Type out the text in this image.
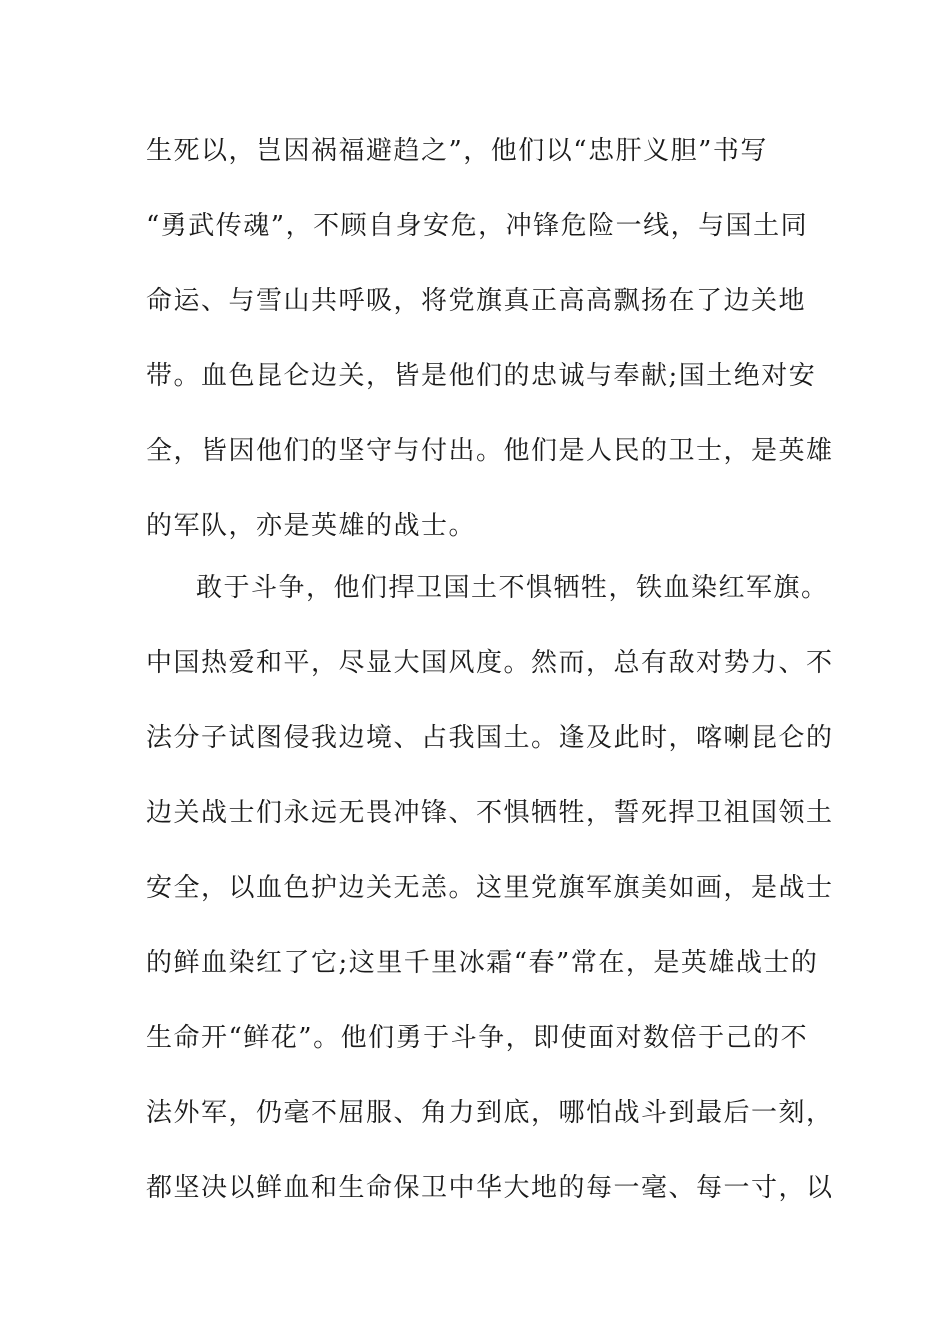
生死以，岂因祸福避趋之”，他们以“忠肝义胆”书写
“勇武传魂”，不顾自身安危，冲锋危险一线，与国土同
命运、与雪山共呼吸，将党旗真正高高飘扬在了边关地
带。血色昆仑边关，皆是他们的忠诚与奉献;国土绝对安
全，皆因他们的坚守与付出。他们是人民的卫士，是英雄
的军队，亦是英雄的战士。
敢于斗争，他们捍卫国土不惧牺牲，铁血染红军旗。
中国热爱和平，尽显大国风度。然而，总有敌对势力、不
法分子试图侵我边境、占我国土。逢及此时，喀喇昆仑的
边关战士们永远无畏冲锋、不惧牺牲，誓死捍卫祖国领土
安全，以血色护边关无恙。这里党旗军旗美如画，是战士
的鲜血染红了它;这里千里冰霜“春”常在，是英雄战士的
生命开“鲜花”。他们勇于斗争，即使面对数倍于己的不
法外军，仍毫不屈服、角力到底，哪怕战斗到最后一刻，
都坚决以鲜血和生命保卫中华大地的每一毫、每一寸，以
